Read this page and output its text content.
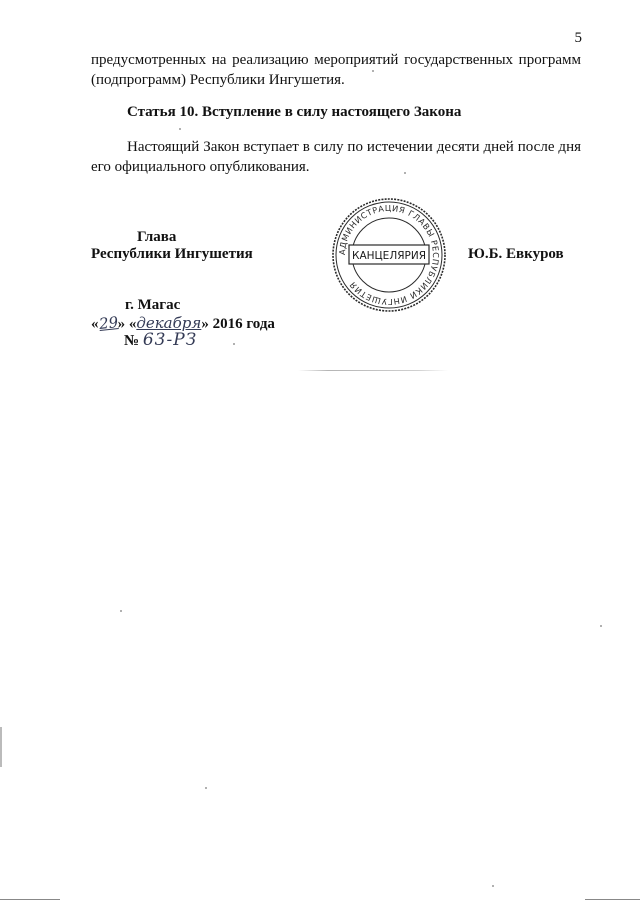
5
предусмотренных на реализацию мероприятий государственных программ (подпрограмм) Республики Ингушетия.
Статья 10. Вступление в силу настоящего Закона
Настоящий Закон вступает в силу по истечении десяти дней после дня его официального опубликования.
Глава
Республики Ингушетия	Ю.Б. Евкуров
АДМИНИСТРАЦИЯ ГЛАВЫ РЕСПУБЛИКИ ИНГУШЕТИЯ
КАНЦЕЛЯРИЯ
г. Магас
«29» «декабря» 2016 года
№ 63-РЗ
